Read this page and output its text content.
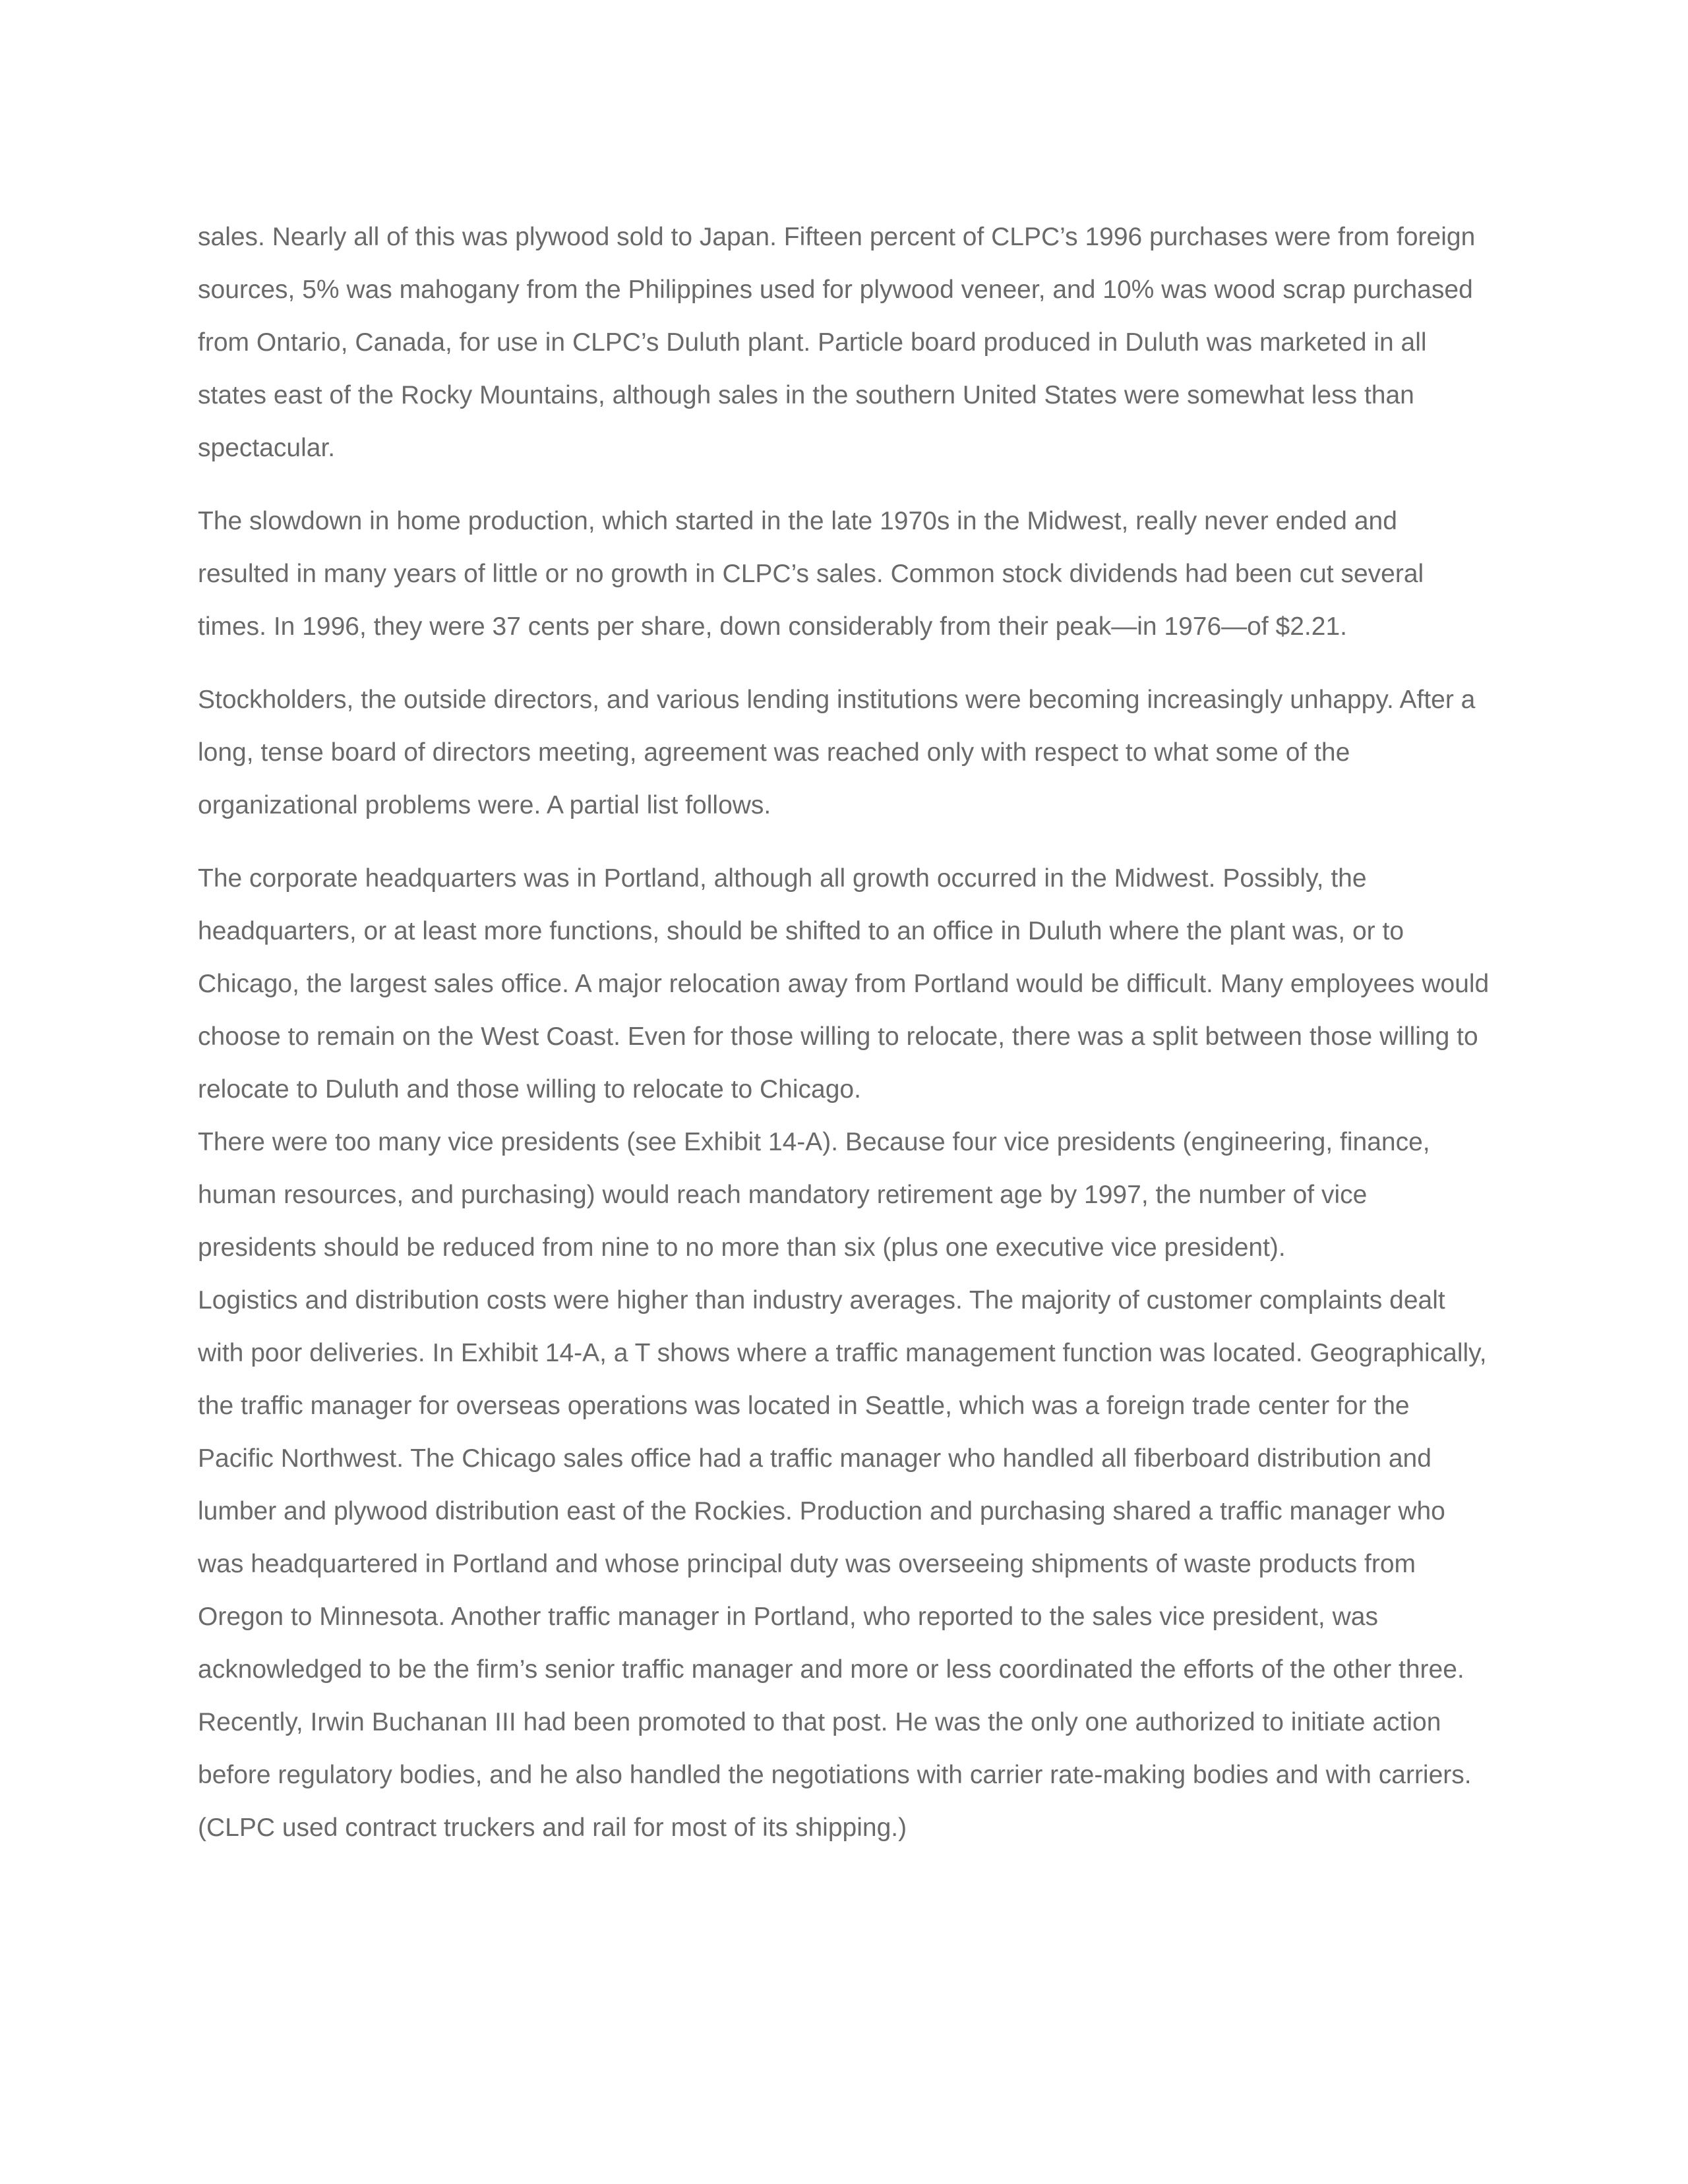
sales. Nearly all of this was plywood sold to Japan. Fifteen percent of CLPC’s 1996 purchases were from foreign sources, 5% was mahogany from the Philippines used for plywood veneer, and 10% was wood scrap purchased from Ontario, Canada, for use in CLPC’s Duluth plant. Particle board produced in Duluth was marketed in all states east of the Rocky Mountains, although sales in the southern United States were somewhat less than spectacular.

The slowdown in home production, which started in the late 1970s in the Midwest, really never ended and resulted in many years of little or no growth in CLPC’s sales. Common stock dividends had been cut several times. In 1996, they were 37 cents per share, down considerably from their peak—in 1976—of $2.21.

Stockholders, the outside directors, and various lending institutions were becoming increasingly unhappy. After a long, tense board of directors meeting, agreement was reached only with respect to what some of the organizational problems were. A partial list follows.

The corporate headquarters was in Portland, although all growth occurred in the Midwest. Possibly, the headquarters, or at least more functions, should be shifted to an office in Duluth where the plant was, or to Chicago, the largest sales office. A major relocation away from Portland would be difficult. Many employees would choose to remain on the West Coast. Even for those willing to relocate, there was a split between those willing to relocate to Duluth and those willing to relocate to Chicago.

There were too many vice presidents (see Exhibit 14-A). Because four vice presidents (engineering, finance, human resources, and purchasing) would reach mandatory retirement age by 1997, the number of vice presidents should be reduced from nine to no more than six (plus one executive vice president).

Logistics and distribution costs were higher than industry averages. The majority of customer complaints dealt with poor deliveries. In Exhibit 14-A, a T shows where a traffic management function was located. Geographically, the traffic manager for overseas operations was located in Seattle, which was a foreign trade center for the Pacific Northwest. The Chicago sales office had a traffic manager who handled all fiberboard distribution and lumber and plywood distribution east of the Rockies. Production and purchasing shared a traffic manager who was headquartered in Portland and whose principal duty was overseeing shipments of waste products from Oregon to Minnesota. Another traffic manager in Portland, who reported to the sales vice president, was acknowledged to be the firm’s senior traffic manager and more or less coordinated the efforts of the other three. Recently, Irwin Buchanan III had been promoted to that post. He was the only one authorized to initiate action before regulatory bodies, and he also handled the negotiations with carrier rate-making bodies and with carriers. (CLPC used contract truckers and rail for most of its shipping.)
